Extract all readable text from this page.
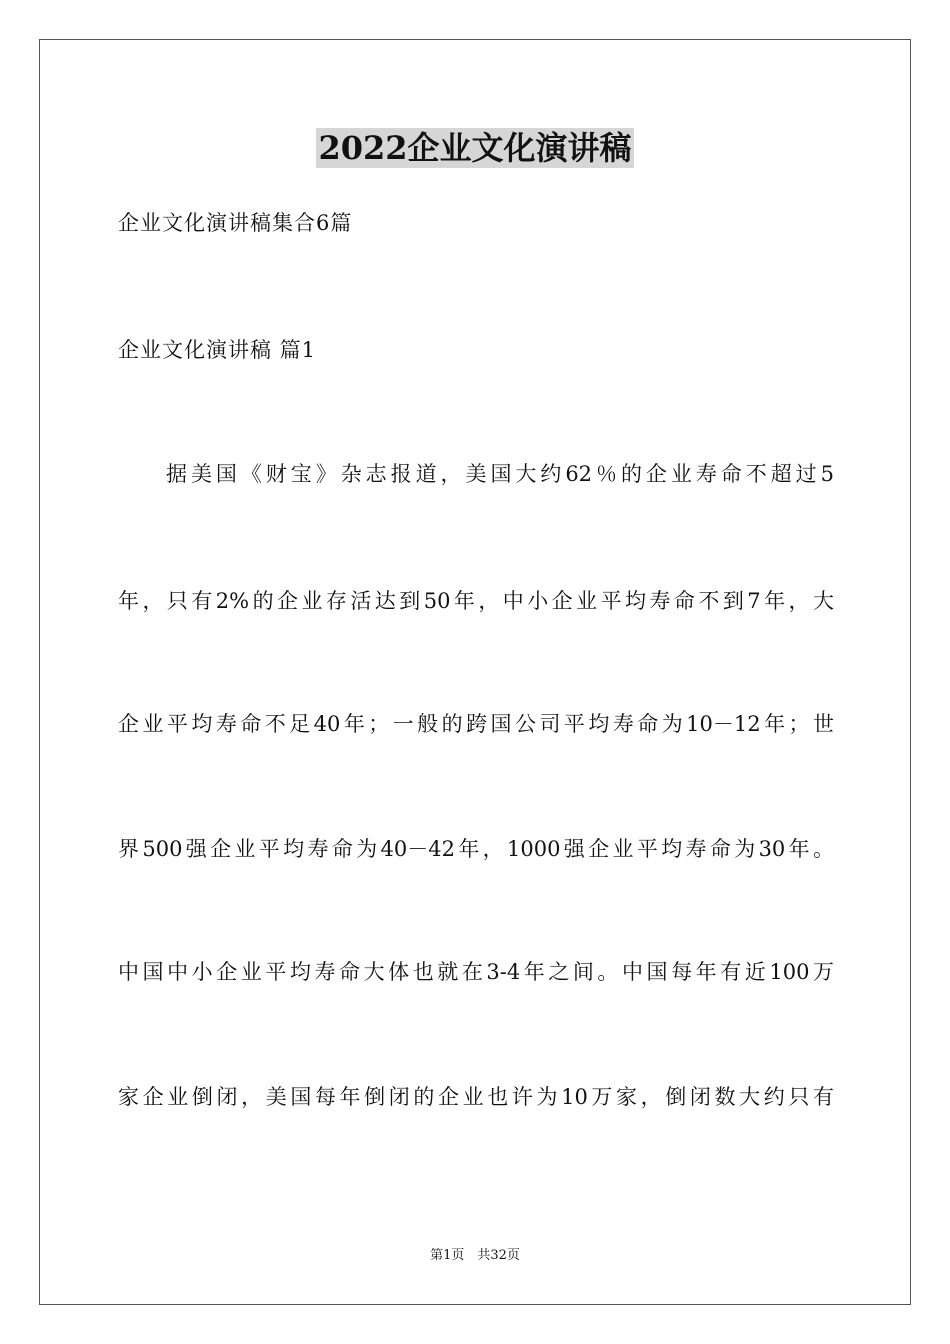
2022企业文化演讲稿
企业文化演讲稿集合6篇
企业文化演讲稿 篇1
据美国《财宝》杂志报道，美国大约62％的企业寿命不超过5
年，只有2%的企业存活达到50年，中小企业平均寿命不到7年，大
企业平均寿命不足40年；一般的跨国公司平均寿命为10－12年；世
界500强企业平均寿命为40－42年，1000强企业平均寿命为30年。
中国中小企业平均寿命大体也就在3-4年之间。中国每年有近100万
家企业倒闭，美国每年倒闭的企业也许为10万家，倒闭数大约只有
第1页　共32页
